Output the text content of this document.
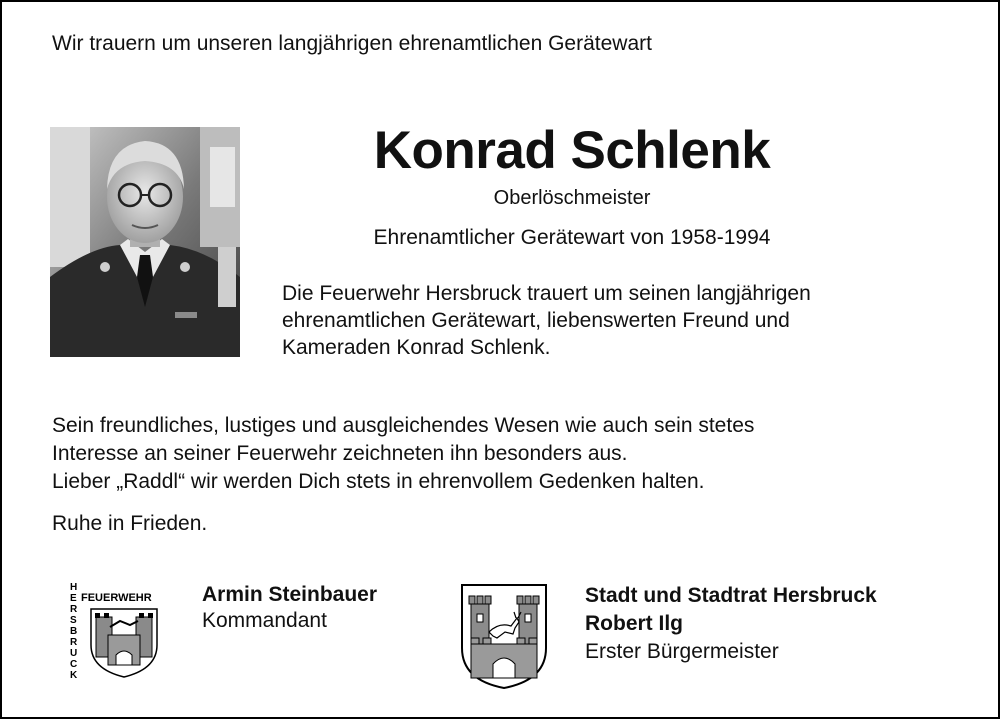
Wir trauern um unseren langjährigen ehrenamtlichen Gerätewart
Konrad Schlenk
Oberlöschmeister
Ehrenamtlicher Gerätewart von 1958-1994
Die Feuerwehr Hersbruck trauert um seinen langjährigen
ehrenamtlichen Gerätewart, liebenswerten Freund und
Kameraden Konrad Schlenk.
Sein freundliches, lustiges und ausgleichendes Wesen wie auch sein stetes
Interesse an seiner Feuerwehr zeichneten ihn besonders aus.
Lieber „Raddl“ wir werden Dich stets in ehrenvollem Gedenken halten.
Ruhe in Frieden.
H
E
R
S
B
R
U
C
K
FEUERWEHR Armin Steinbauer
Kommandant
Stadt und Stadtrat Hersbruck
Robert Ilg
Erster Bürgermeister
